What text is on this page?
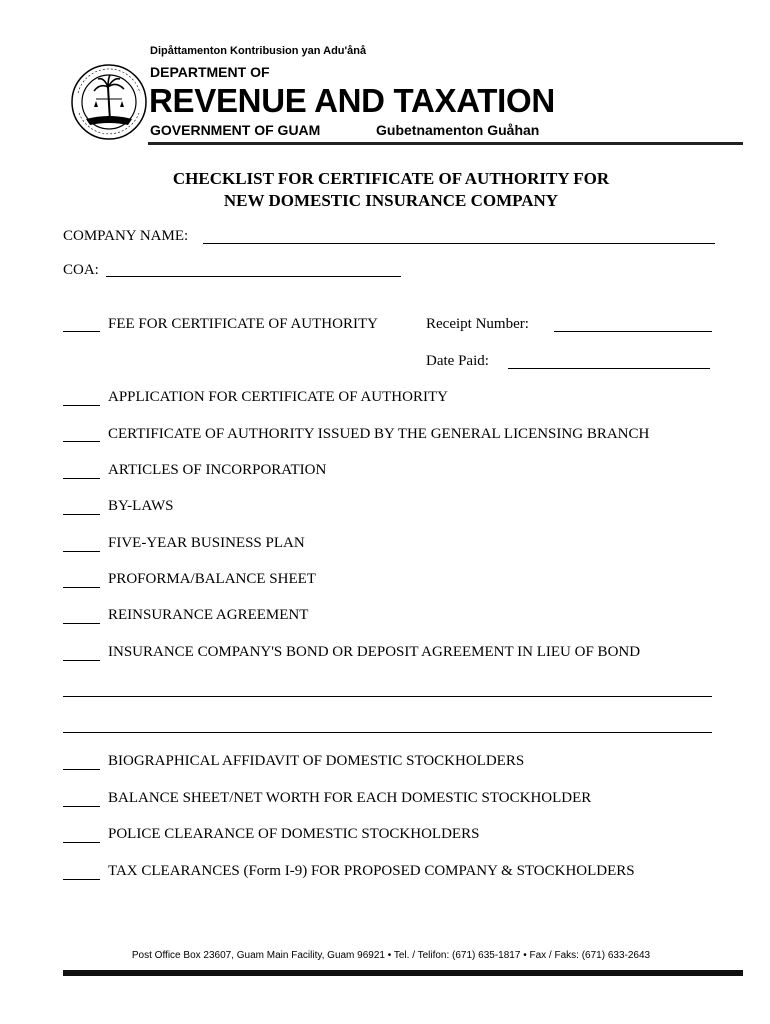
Dipåttamenton Kontribusion yan Adu'ånå
DEPARTMENT OF
REVENUE AND TAXATION
GOVERNMENT OF GUAM	Gubetnamenton Guåhan
CHECKLIST FOR CERTIFICATE OF AUTHORITY FOR
NEW DOMESTIC INSURANCE COMPANY
COMPANY NAME:
COA:
FEE FOR CERTIFICATE OF AUTHORITY	Receipt Number:
Date Paid:
APPLICATION FOR CERTIFICATE OF AUTHORITY
CERTIFICATE OF AUTHORITY ISSUED BY THE GENERAL LICENSING BRANCH
ARTICLES OF INCORPORATION
BY-LAWS
FIVE-YEAR BUSINESS PLAN
PROFORMA/BALANCE SHEET
REINSURANCE AGREEMENT
INSURANCE COMPANY'S BOND OR DEPOSIT AGREEMENT IN LIEU OF BOND
BIOGRAPHICAL AFFIDAVIT OF DOMESTIC STOCKHOLDERS
BALANCE SHEET/NET WORTH FOR EACH DOMESTIC STOCKHOLDER
POLICE CLEARANCE OF DOMESTIC STOCKHOLDERS
TAX CLEARANCES (Form I-9) FOR PROPOSED COMPANY & STOCKHOLDERS
Post Office Box 23607, Guam Main Facility, Guam 96921 • Tel. / Telifon: (671) 635-1817 • Fax / Faks: (671) 633-2643
